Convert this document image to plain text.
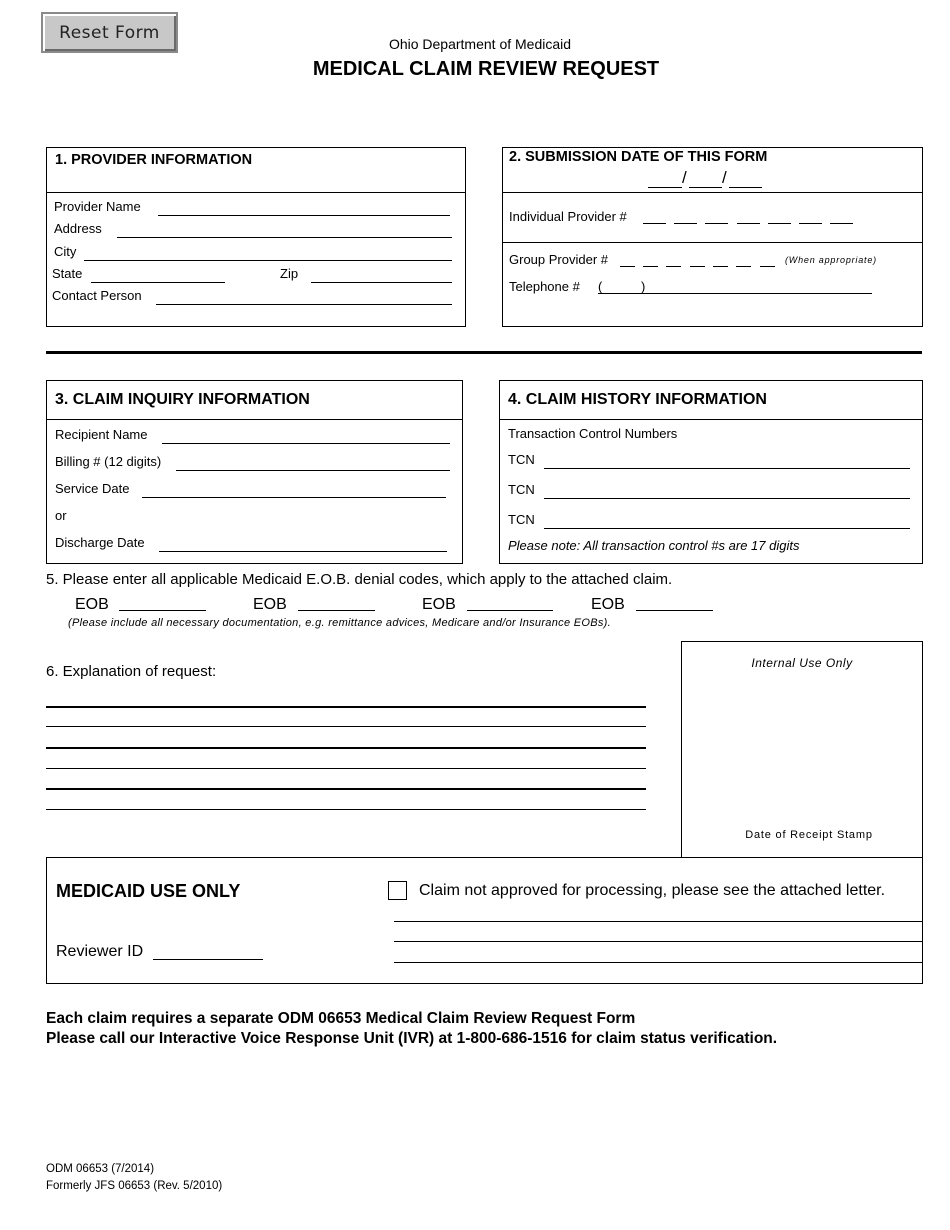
Reset Form
Ohio Department of Medicaid
MEDICAL CLAIM REVIEW REQUEST
1. PROVIDER INFORMATION
Provider Name
Address
City
State	Zip
Contact Person
2. SUBMISSION DATE OF THIS FORM
/ /
Individual Provider #
Group Provider #	(When appropriate)
Telephone # (	)
3. CLAIM INQUIRY INFORMATION
Recipient Name
Billing # (12 digits)
Service Date
or
Discharge Date
4. CLAIM HISTORY INFORMATION
Transaction Control Numbers
TCN
TCN
TCN
Please note: All transaction control #s are 17 digits
5. Please enter all applicable Medicaid E.O.B. denial codes, which apply to the attached claim.
EOB	EOB	EOB	EOB
(Please include all necessary documentation, e.g. remittance advices, Medicare and/or Insurance EOBs).
6. Explanation of request:	Internal Use Only
Date of Receipt Stamp
MEDICAID USE ONLY	Claim not approved for processing, please see the attached letter.
Reviewer ID
Each claim requires a separate ODM 06653 Medical Claim Review Request Form
Please call our Interactive Voice Response Unit (IVR) at 1-800-686-1516 for claim status verification.
ODM 06653 (7/2014)
Formerly JFS 06653 (Rev. 5/2010)
